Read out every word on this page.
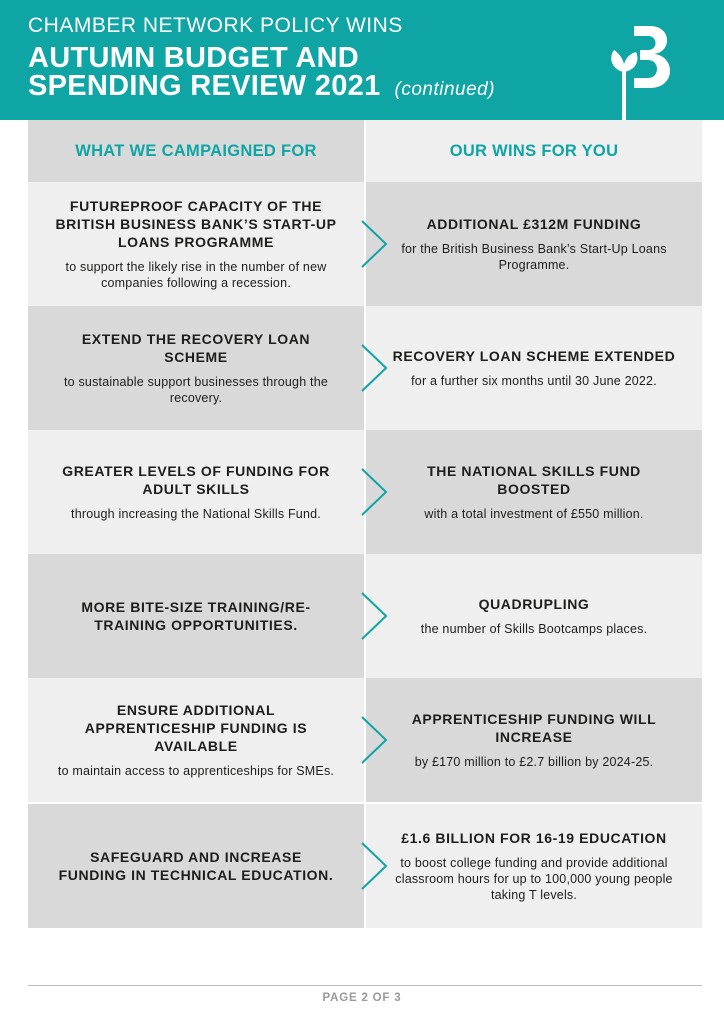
CHAMBER NETWORK POLICY WINS
AUTUMN BUDGET AND
SPENDING REVIEW 2021 (continued)
WHAT WE CAMPAIGNED FOR	OUR WINS FOR YOU
FUTUREPROOF CAPACITY OF THE BRITISH BUSINESS BANK’S START-UP LOANS PROGRAMME
to support the likely rise in the number of new companies following a recession.
ADDITIONAL £312M FUNDING
for the British Business Bank’s Start-Up Loans Programme.
EXTEND THE RECOVERY LOAN SCHEME
to sustainable support businesses through the recovery.
RECOVERY LOAN SCHEME EXTENDED
for a further six months until 30 June 2022.
GREATER LEVELS OF FUNDING FOR ADULT SKILLS
through increasing the National Skills Fund.
THE NATIONAL SKILLS FUND BOOSTED
with a total investment of £550 million.
MORE BITE-SIZE TRAINING/RE-TRAINING OPPORTUNITIES.
QUADRUPLING
the number of Skills Bootcamps places.
ENSURE ADDITIONAL APPRENTICESHIP FUNDING IS AVAILABLE
to maintain access to apprenticeships for SMEs.
APPRENTICESHIP FUNDING WILL INCREASE
by £170 million to £2.7 billion by 2024-25.
SAFEGUARD AND INCREASE FUNDING IN TECHNICAL EDUCATION.
£1.6 BILLION FOR 16-19 EDUCATION
to boost college funding and provide additional classroom hours for up to 100,000 young people taking T levels.
PAGE 2 OF 3
